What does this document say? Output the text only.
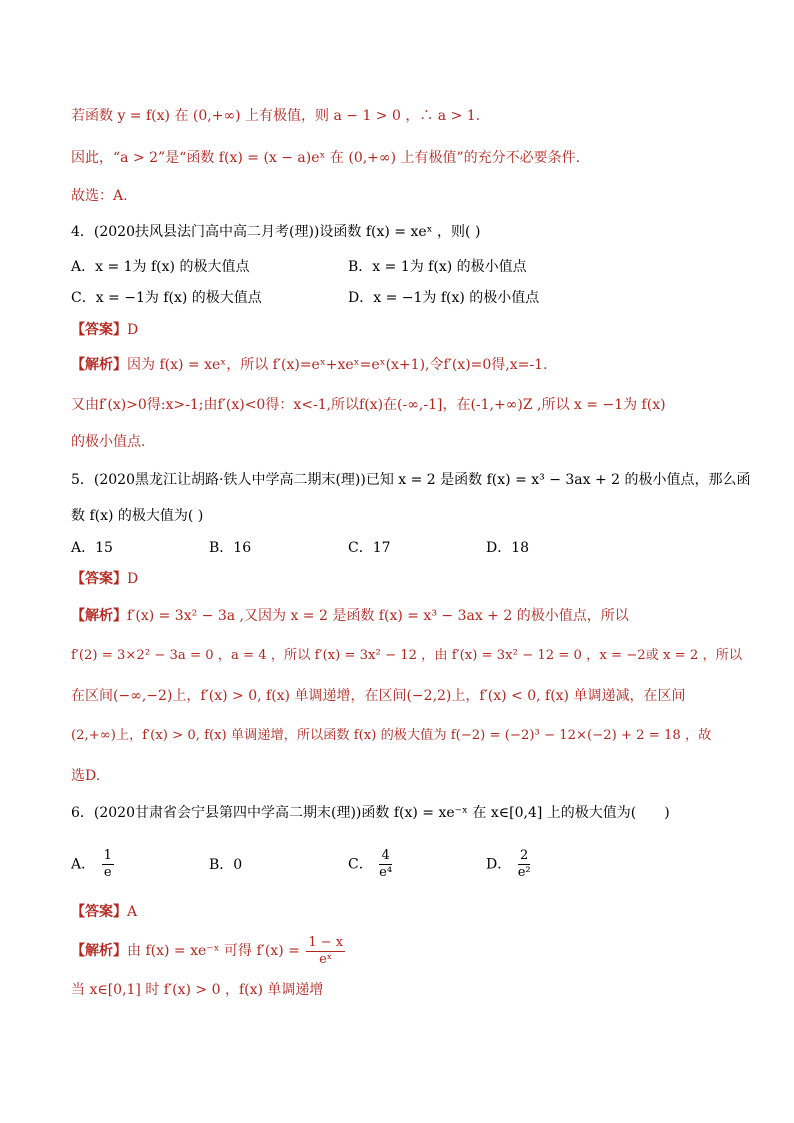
若函数 y = f(x) 在 (0,+∞) 上有极值，则 a − 1 > 0 ，∴ a > 1.
因此，“a > 2”是“函数 f(x) = (x − a)eˣ 在 (0,+∞) 上有极值”的充分不必要条件.
故选：A.
4．(2020扶风县法门高中高二月考(理))设函数 f(x) = xeˣ ，则( )
A．x = 1为 f(x) 的极大值点	B．x = 1为 f(x) 的极小值点
C．x = −1为 f(x) 的极大值点	D．x = −1为 f(x) 的极小值点
【答案】D
【解析】因为 f(x) = xeˣ，所以 f′(x)=eˣ+xeˣ=eˣ(x+1),令f′(x)=0得,x=-1.
又由f′(x)>0得:x>-1;由f′(x)<0得：x<-1,所以f(x)在(-∞,-1]，在(-1,+∞)Z ,所以 x = −1为 f(x)
的极小值点.
5．(2020黑龙江让胡路·铁人中学高二期末(理))已知 x = 2 是函数 f(x) = x³ − 3ax + 2 的极小值点，那么函
数 f(x) 的极大值为( )
A．15	B．16	C．17	D．18
【答案】D
【解析】f′(x) = 3x² − 3a ,又因为 x = 2 是函数 f(x) = x³ − 3ax + 2 的极小值点，所以
f′(2) = 3×2² − 3a = 0 ，a = 4 ，所以 f′(x) = 3x² − 12 ，由 f′(x) = 3x² − 12 = 0 ，x = −2或 x = 2 ，所以
在区间(−∞,−2)上，f′(x) > 0, f(x) 单调递增，在区间(−2,2)上，f′(x) < 0, f(x) 单调递减，在区间
(2,+∞)上，f′(x) > 0, f(x) 单调递增，所以函数 f(x) 的极大值为 f(−2) = (−2)³ − 12×(−2) + 2 = 18 ，故
选D.
6．(2020甘肃省会宁县第四中学高二期末(理))函数 f(x) = xe⁻ˣ 在 x∈[0,4] 上的极大值为(　　)
A． $\frac{1}{e}$	B．0	C． $\frac{4}{\text{e⁴}}$	D． $\frac{2}{\text{e²}}$
【答案】A
【解析】由 f(x) = xe⁻ˣ 可得 $f'(x) = \frac{1 - x}{\text{eˣ}}$
当 x∈[0,1] 时 f′(x) > 0 ，f(x) 单调递增
